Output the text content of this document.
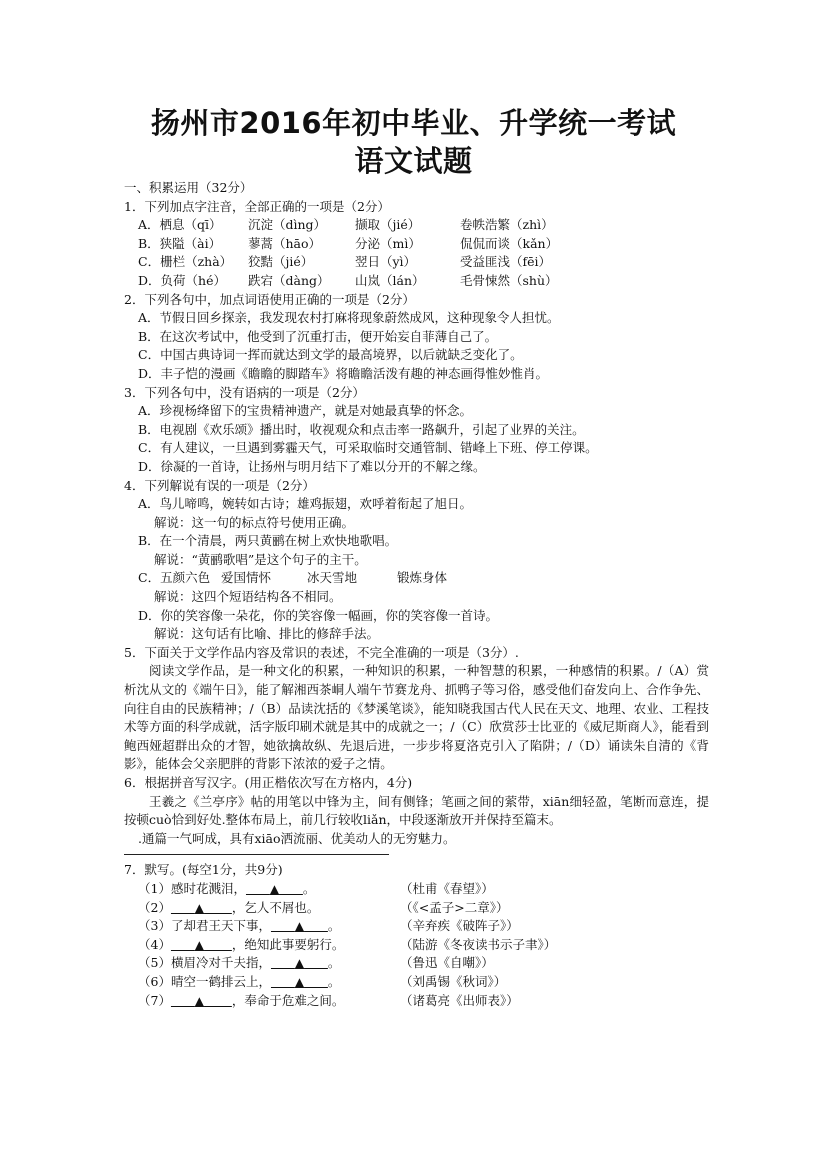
扬州市2016年初中毕业、升学统一考试
语文试题
一、积累运用（32分）
1．下列加点字注音，全部正确的一项是（2分）
A．栖息（qī）	沉淀（dìng）	撷取（jié）	卷帙浩繁（zhì）
B．狭隘（ài）	蓼蒿（hāo）	分泌（mì）	侃侃而谈（kǎn）
C．栅栏（zhà）	狡黠（jié）	翌日（yì）	受益匪浅（fēi）
D．负荷（hé）	跌宕（dàng）	山岚（lán）	毛骨悚然（shù）
2．下列各句中，加点词语使用正确的一项是（2分）
A．节假日回乡探亲，我发现农村打麻将现象蔚然成风，这种现象令人担忧。
B．在这次考试中，他受到了沉重打击，便开始妄自菲薄自己了。
C．中国古典诗词一挥而就达到文学的最高境界，以后就缺乏变化了。
D．丰子恺的漫画《瞻瞻的脚踏车》将瞻瞻活泼有趣的神态画得惟妙惟肖。
3．下列各句中，没有语病的一项是（2分）
A．珍视杨绛留下的宝贵精神遗产，就是对她最真挚的怀念。
B．电视剧《欢乐颂》播出时，收视观众和点击率一路飙升，引起了业界的关注。
C．有人建议，一旦遇到雾霾天气，可采取临时交通管制、错峰上下班、停工停课。
D．徐凝的一首诗，让扬州与明月结下了难以分开的不解之缘。
4．下列解说有误的一项是（2分）
A．鸟儿啼鸣，婉转如古诗；雄鸡振翅，欢呼着衔起了旭日。
解说：这一句的标点符号使用正确。
B．在一个清晨，两只黄鹂在树上欢快地歌唱。
解说：“黄鹂歌唱”是这个句子的主干。
C．五颜六色 爱国情怀	冰天雪地	锻炼身体
解说：这四个短语结构各不相同。
D．你的笑容像一朵花，你的笑容像一幅画，你的笑容像一首诗。
解说：这句话有比喻、排比的修辞手法。
5．下面关于文学作品内容及常识的表述，不完全准确的一项是（3分）.
阅读文学作品，是一种文化的积累，一种知识的积累，一种智慧的积累，一种感情的积累。/（A）赏析沈从文的《端午日》，能了解湘西茶峒人端午节赛龙舟、抓鸭子等习俗，感受他们奋发向上、合作争先、向往自由的民族精神；/（B）品读沈括的《梦溪笔谈》，能知晓我国古代人民在天文、地理、农业、工程技术等方面的科学成就，活字版印刷术就是其中的成就之一；/（C）欣赏莎士比亚的《威尼斯商人》，能看到鲍西娅超群出众的才智，她欲擒故纵、先退后进，一步步将夏洛克引入了陷阱；/（D）诵读朱自清的《背影》，能体会父亲肥胖的背影下浓浓的爱子之情。
6．根据拼音写汉字。(用正楷依次写在方格内，4分)
王羲之《兰亭序》帖的用笔以中锋为主，间有侧锋；笔画之间的萦带，xiān细轻盈，笔断而意连，提按顿cuò恰到好处.整体布局上，前几行较收liǎn，中段逐渐放开并保持至篇末。
.通篇一气呵成，具有xiāo洒流丽、优美动人的无穷魅力。
7．默写。(每空1分，共9分)
（1）感时花溅泪， ▲ 。	（杜甫《春望》）
（2） ▲ ，乞人不屑也。	（《<孟子>二章》）
（3）了却君王天下事， ▲ 。	（辛弃疾《破阵子》）
（4） ▲ ，绝知此事要躬行。	（陆游《冬夜读书示子聿》）
（5）横眉冷对千夫指， ▲ 。	（鲁迅《自嘲》）
（6）晴空一鹤排云上， ▲ 。	（刘禹锡《秋词》）
（7） ▲ ，奉命于危难之间。	（诸葛亮《出师表》）
